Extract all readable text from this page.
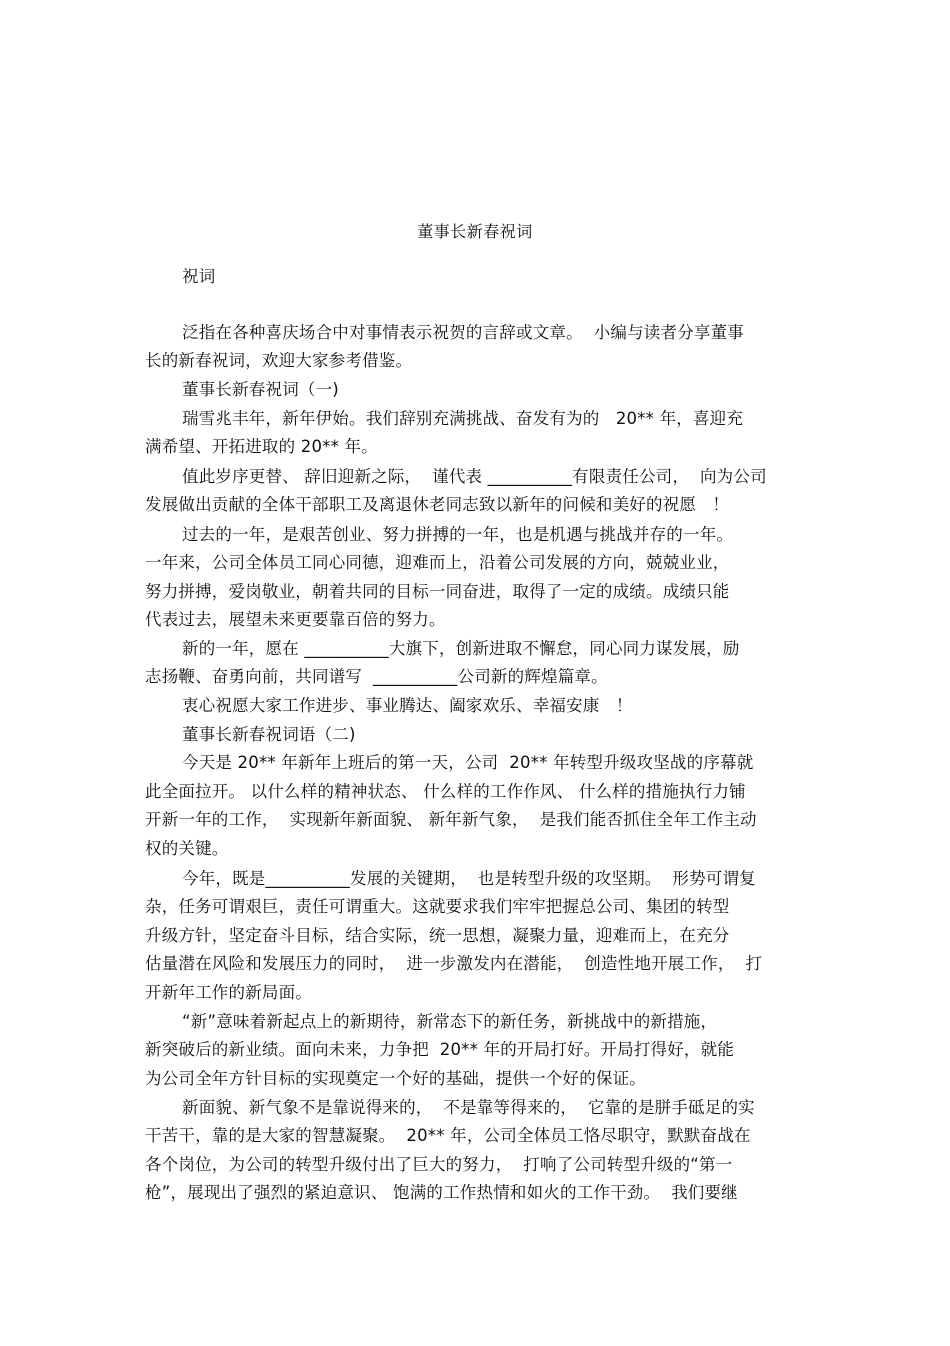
董事长新春祝词
祝词
泛指在各种喜庆场合中对事情表示祝贺的言辞或文章。  小编与读者分享董事
长的新春祝词，欢迎大家参考借鉴。
董事长新春祝词（一)
瑞雪兆丰年，新年伊始。我们辞别充满挑战、奋发有为的   20** 年，喜迎充
满希望、开拓进取的 20** 年。
值此岁序更替、 辞旧迎新之际，  谨代表 __________有限责任公司，  向为公司
发展做出贡献的全体干部职工及离退休老同志致以新年的问候和美好的祝愿   ！
过去的一年，是艰苦创业、努力拼搏的一年，也是机遇与挑战并存的一年。
一年来，公司全体员工同心同德，迎难而上，沿着公司发展的方向，兢兢业业，
努力拼搏，爱岗敬业，朝着共同的目标一同奋进，取得了一定的成绩。成绩只能
代表过去，展望未来更要靠百倍的努力。
新的一年，愿在 __________大旗下，创新进取不懈怠，同心同力谋发展，励
志扬鞭、奋勇向前，共同谱写  __________公司新的辉煌篇章。
衷心祝愿大家工作进步、事业腾达、阖家欢乐、幸福安康   ！
董事长新春祝词语（二)
今天是 20** 年新年上班后的第一天，公司  20** 年转型升级攻坚战的序幕就
此全面拉开。 以什么样的精神状态、 什么样的工作作风、 什么样的措施执行力铺
开新一年的工作，  实现新年新面貌、 新年新气象，  是我们能否抓住全年工作主动
权的关键。
今年，既是__________发展的关键期，  也是转型升级的攻坚期。  形势可谓复
杂，任务可谓艰巨，责任可谓重大。这就要求我们牢牢把握总公司、集团的转型
升级方针，坚定奋斗目标，结合实际，统一思想，凝聚力量，迎难而上，在充分
估量潜在风险和发展压力的同时，  进一步激发内在潜能，  创造性地开展工作，  打
开新年工作的新局面。
“新”意味着新起点上的新期待，新常态下的新任务，新挑战中的新措施，
新突破后的新业绩。面向未来，力争把  20** 年的开局打好。开局打得好，就能
为公司全年方针目标的实现奠定一个好的基础，提供一个好的保证。
新面貌、新气象不是靠说得来的，  不是靠等得来的，  它靠的是胼手砥足的实
干苦干，靠的是大家的智慧凝聚。  20** 年，公司全体员工恪尽职守，默默奋战在
各个岗位，为公司的转型升级付出了巨大的努力，  打响了公司转型升级的“第一
枪”，展现出了强烈的紧迫意识、 饱满的工作热情和如火的工作干劲。  我们要继
